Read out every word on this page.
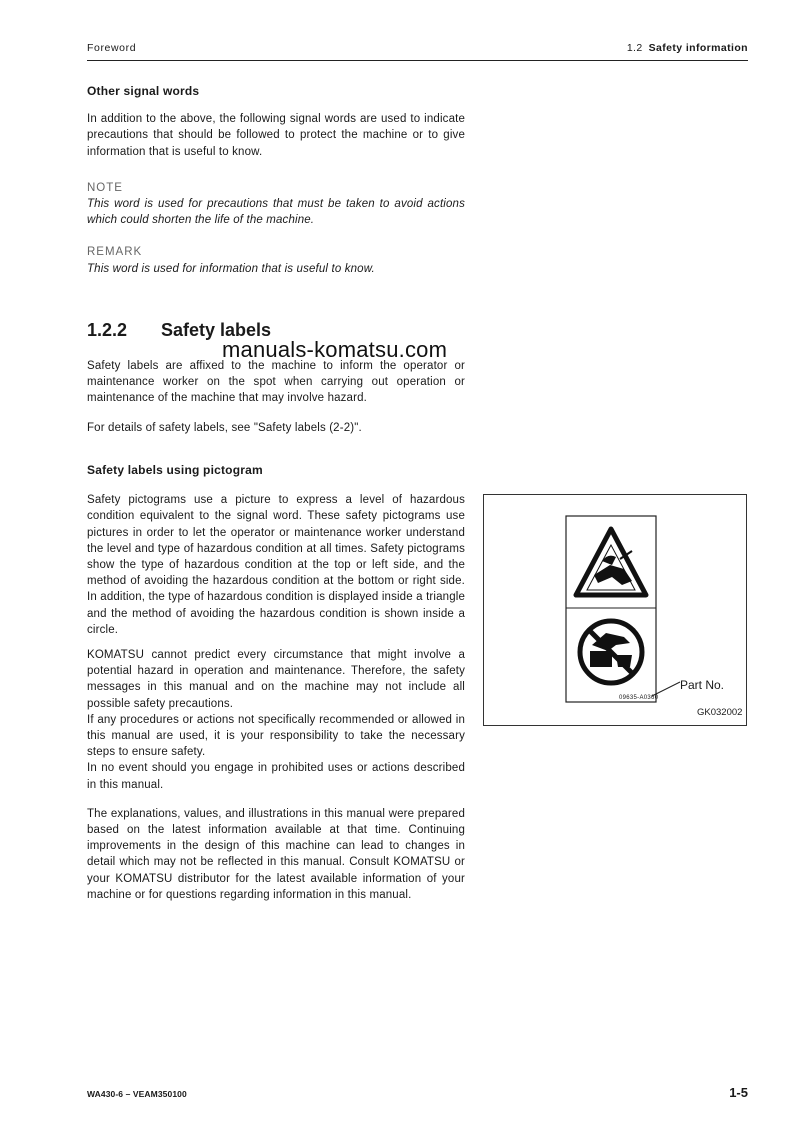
Foreword	1.2 Safety information
Other signal words

In addition to the above, the following signal words are used to indicate precautions that should be followed to protect the machine or to give information that is useful to know.

NOTE

This word is used for precautions that must be taken to avoid actions which could shorten the life of the machine.

REMARK

This word is used for information that is useful to know.

1.2.2 Safety labels
manuals-komatsu.com

Safety labels are affixed to the machine to inform the operator or maintenance worker on the spot when carrying out operation or maintenance of the machine that may involve hazard.

For details of safety labels, see "Safety labels (2-2)".

Safety labels using pictogram

Safety pictograms use a picture to express a level of hazardous condition equivalent to the signal word. These safety pictograms use pictures in order to let the operator or maintenance worker understand the level and type of hazardous condition at all times. Safety pictograms show the type of hazardous condition at the top or left side, and the method of avoiding the hazardous condition at the bottom or right side. In addition, the type of hazardous condition is displayed inside a triangle and the method of avoiding the hazardous condition is shown inside a circle.

KOMATSU cannot predict every circumstance that might involve a potential hazard in operation and maintenance. Therefore, the safety messages in this manual and on the machine may not include all possible safety precautions.

If any procedures or actions not specifically recommended or allowed in this manual are used, it is your responsibility to take the necessary steps to ensure safety.

In no event should you engage in prohibited uses or actions described in this manual.

The explanations, values, and illustrations in this manual were prepared based on the latest information available at that time. Continuing improvements in the design of this machine can lead to changes in detail which may not be reflected in this manual. Consult KOMATSU or your KOMATSU distributor for the latest available information of your machine or for questions regarding information in this manual.

09635-A0360
Part No.
GK032002
WA430-6 – VEAM350100	1-5
